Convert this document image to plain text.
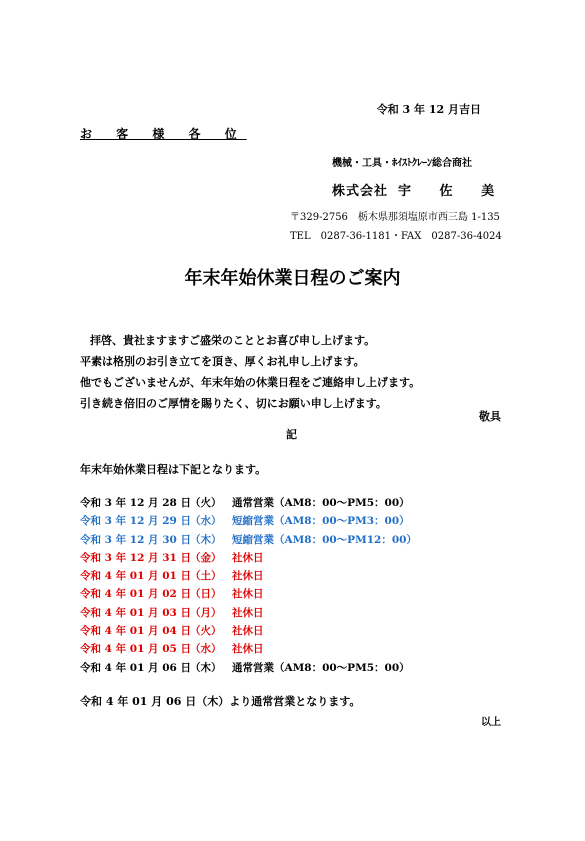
令和 3 年 12 月吉日
お 客 様 各 位
機械・工具・ﾎｲｽﾄｸﾚｰﾝ総合商社
株式会社 宇 佐 美
〒329-2756　栃木県那須塩原市西三島 1-135
TEL　0287-36-1181・FAX　0287-36-4024
年末年始休業日程のご案内
拝啓、貴社ますますご盛栄のこととお喜び申し上げます。
平素は格別のお引き立てを頂き、厚くお礼申し上げます。
他でもございませんが、年末年始の休業日程をご連絡申し上げます。
引き続き倍旧のご厚情を賜りたく、切にお願い申し上げます。
敬具
記
年末年始休業日程は下記となります。
令和 3 年 12 月 28 日 （火）	通常営業（AM8：00～PM5：00）
令和 3 年 12 月 29 日 （水）	短縮営業（AM8：00～PM3：00）
令和 3 年 12 月 30 日 （木）	短縮営業（AM8：00～PM12：00）
令和 3 年 12 月 31 日 （金）	社休日
令和 4 年 01 月 01 日 （土）	社休日
令和 4 年 01 月 02 日 （日）	社休日
令和 4 年 01 月 03 日 （月）	社休日
令和 4 年 01 月 04 日 （火）	社休日
令和 4 年 01 月 05 日 （水）	社休日
令和 4 年 01 月 06 日 （木）	通常営業（AM8：00～PM5：00）
令和 4 年 01 月 06 日（木）より通常営業となります。
以上
